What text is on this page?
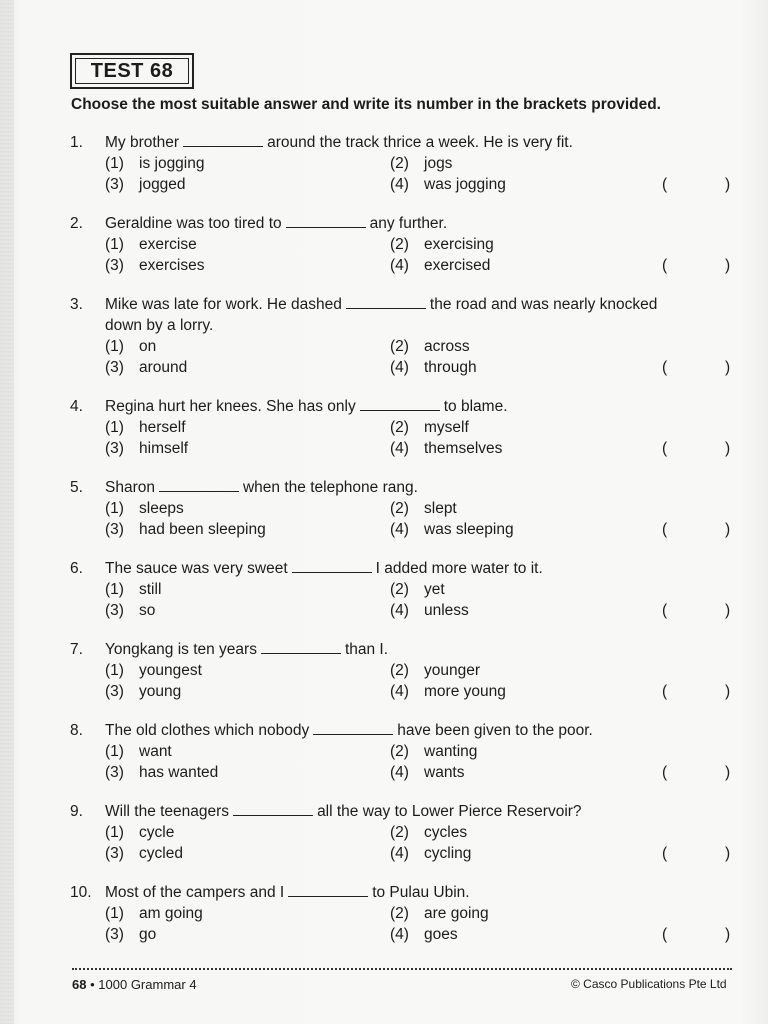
TEST 68
Choose the most suitable answer and write its number in the brackets provided.
1. My brother	around the track thrice a week. He is very fit.
(1) is jogging	(2) jogs
(3) jogged	(4) was jogging	(	)
2. Geraldine was too tired to	any further.
(1) exercise	(2) exercising
(3) exercises	(4) exercised	(	)
3. Mike was late for work. He dashed	the road and was nearly knocked
down by a lorry.
(1) on	(2) across
(3) around	(4) through	(	)
4. Regina hurt her knees. She has only	to blame.
(1) herself	(2) myself
(3) himself	(4) themselves	(	)
5. Sharon	when the telephone rang.
(1) sleeps	(2) slept
(3) had been sleeping	(4) was sleeping	(	)
6. The sauce was very sweet	I added more water to it.
(1) still	(2) yet
(3) so	(4) unless	(	)
7. Yongkang is ten years	than I.
(1) youngest	(2) younger
(3) young	(4) more young	(	)
8. The old clothes which nobody	have been given to the poor.
(1) want	(2) wanting
(3) has wanted	(4) wants	(	)
9. Will the teenagers	all the way to Lower Pierce Reservoir?
(1) cycle	(2) cycles
(3) cycled	(4) cycling	(	)
10. Most of the campers and I	to Pulau Ubin.
(1) am going	(2) are going
(3) go	(4) goes	(	)
68 • 1000 Grammar 4	© Casco Publications Pte Ltd
